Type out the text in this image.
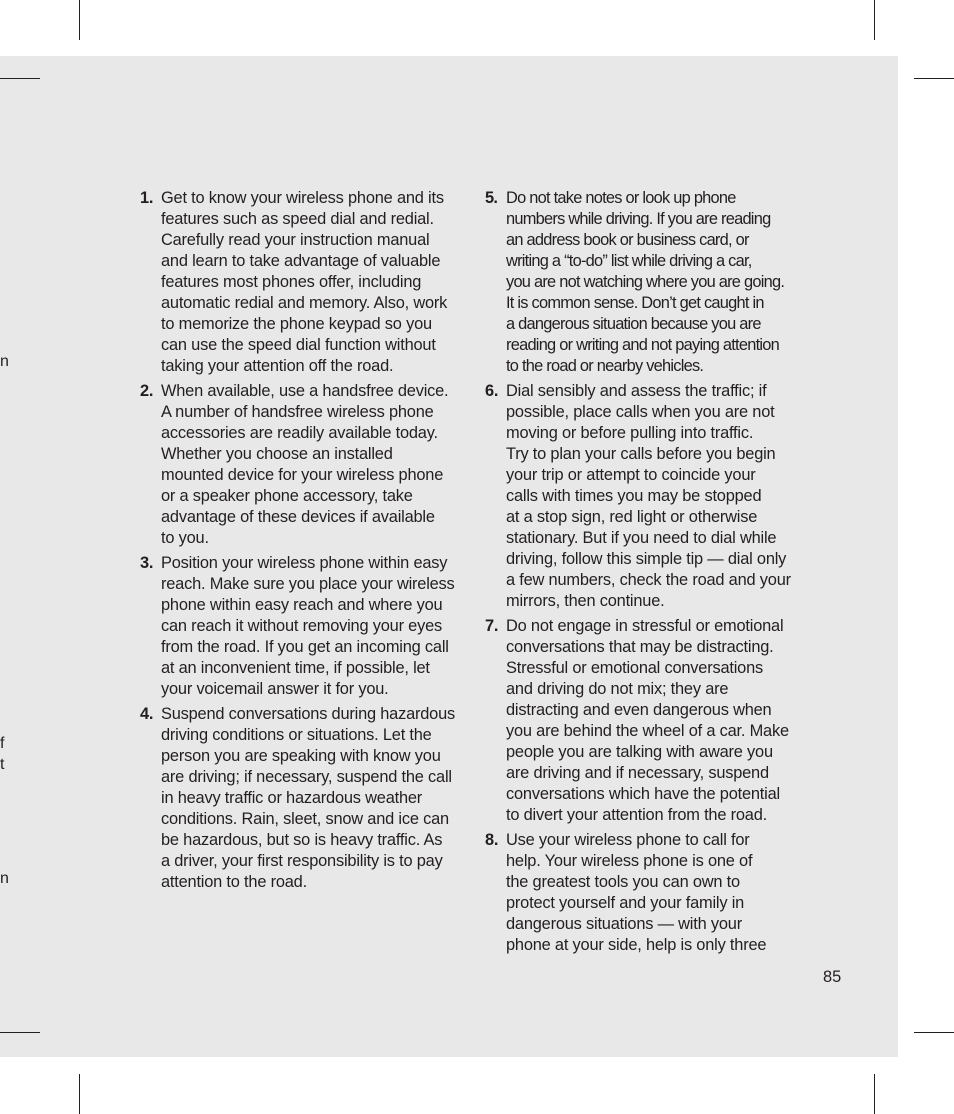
n
f
t
n
1. Get to know your wireless phone and its
features such as speed dial and redial.
Carefully read your instruction manual
and learn to take advantage of valuable
features most phones offer, including
automatic redial and memory. Also, work
to memorize the phone keypad so you
can use the speed dial function without
taking your attention off the road.
2. When available, use a handsfree device.
A number of handsfree wireless phone
accessories are readily available today.
Whether you choose an installed
mounted device for your wireless phone
or a speaker phone accessory, take
advantage of these devices if available
to you.
3. Position your wireless phone within easy
reach. Make sure you place your wireless
phone within easy reach and where you
can reach it without removing your eyes
from the road. If you get an incoming call
at an inconvenient time, if possible, let
your voicemail answer it for you.
4. Suspend conversations during hazardous
driving conditions or situations. Let the
person you are speaking with know you
are driving; if necessary, suspend the call
in heavy traffic or hazardous weather
conditions. Rain, sleet, snow and ice can
be hazardous, but so is heavy traffic. As
a driver, your first responsibility is to pay
attention to the road.
5. Do not take notes or look up phone
numbers while driving. If you are reading
an address book or business card, or
writing a “to-do” list while driving a car,
you are not watching where you are going.
It is common sense. Don’t get caught in
a dangerous situation because you are
reading or writing and not paying attention
to the road or nearby vehicles.
6. Dial sensibly and assess the traffic; if
possible, place calls when you are not
moving or before pulling into traffic.
Try to plan your calls before you begin
your trip or attempt to coincide your
calls with times you may be stopped
at a stop sign, red light or otherwise
stationary. But if you need to dial while
driving, follow this simple tip — dial only
a few numbers, check the road and your
mirrors, then continue.
7. Do not engage in stressful or emotional
conversations that may be distracting.
Stressful or emotional conversations
and driving do not mix; they are
distracting and even dangerous when
you are behind the wheel of a car. Make
people you are talking with aware you
are driving and if necessary, suspend
conversations which have the potential
to divert your attention from the road.
8. Use your wireless phone to call for
help. Your wireless phone is one of
the greatest tools you can own to
protect yourself and your family in
dangerous situations — with your
phone at your side, help is only three
85
